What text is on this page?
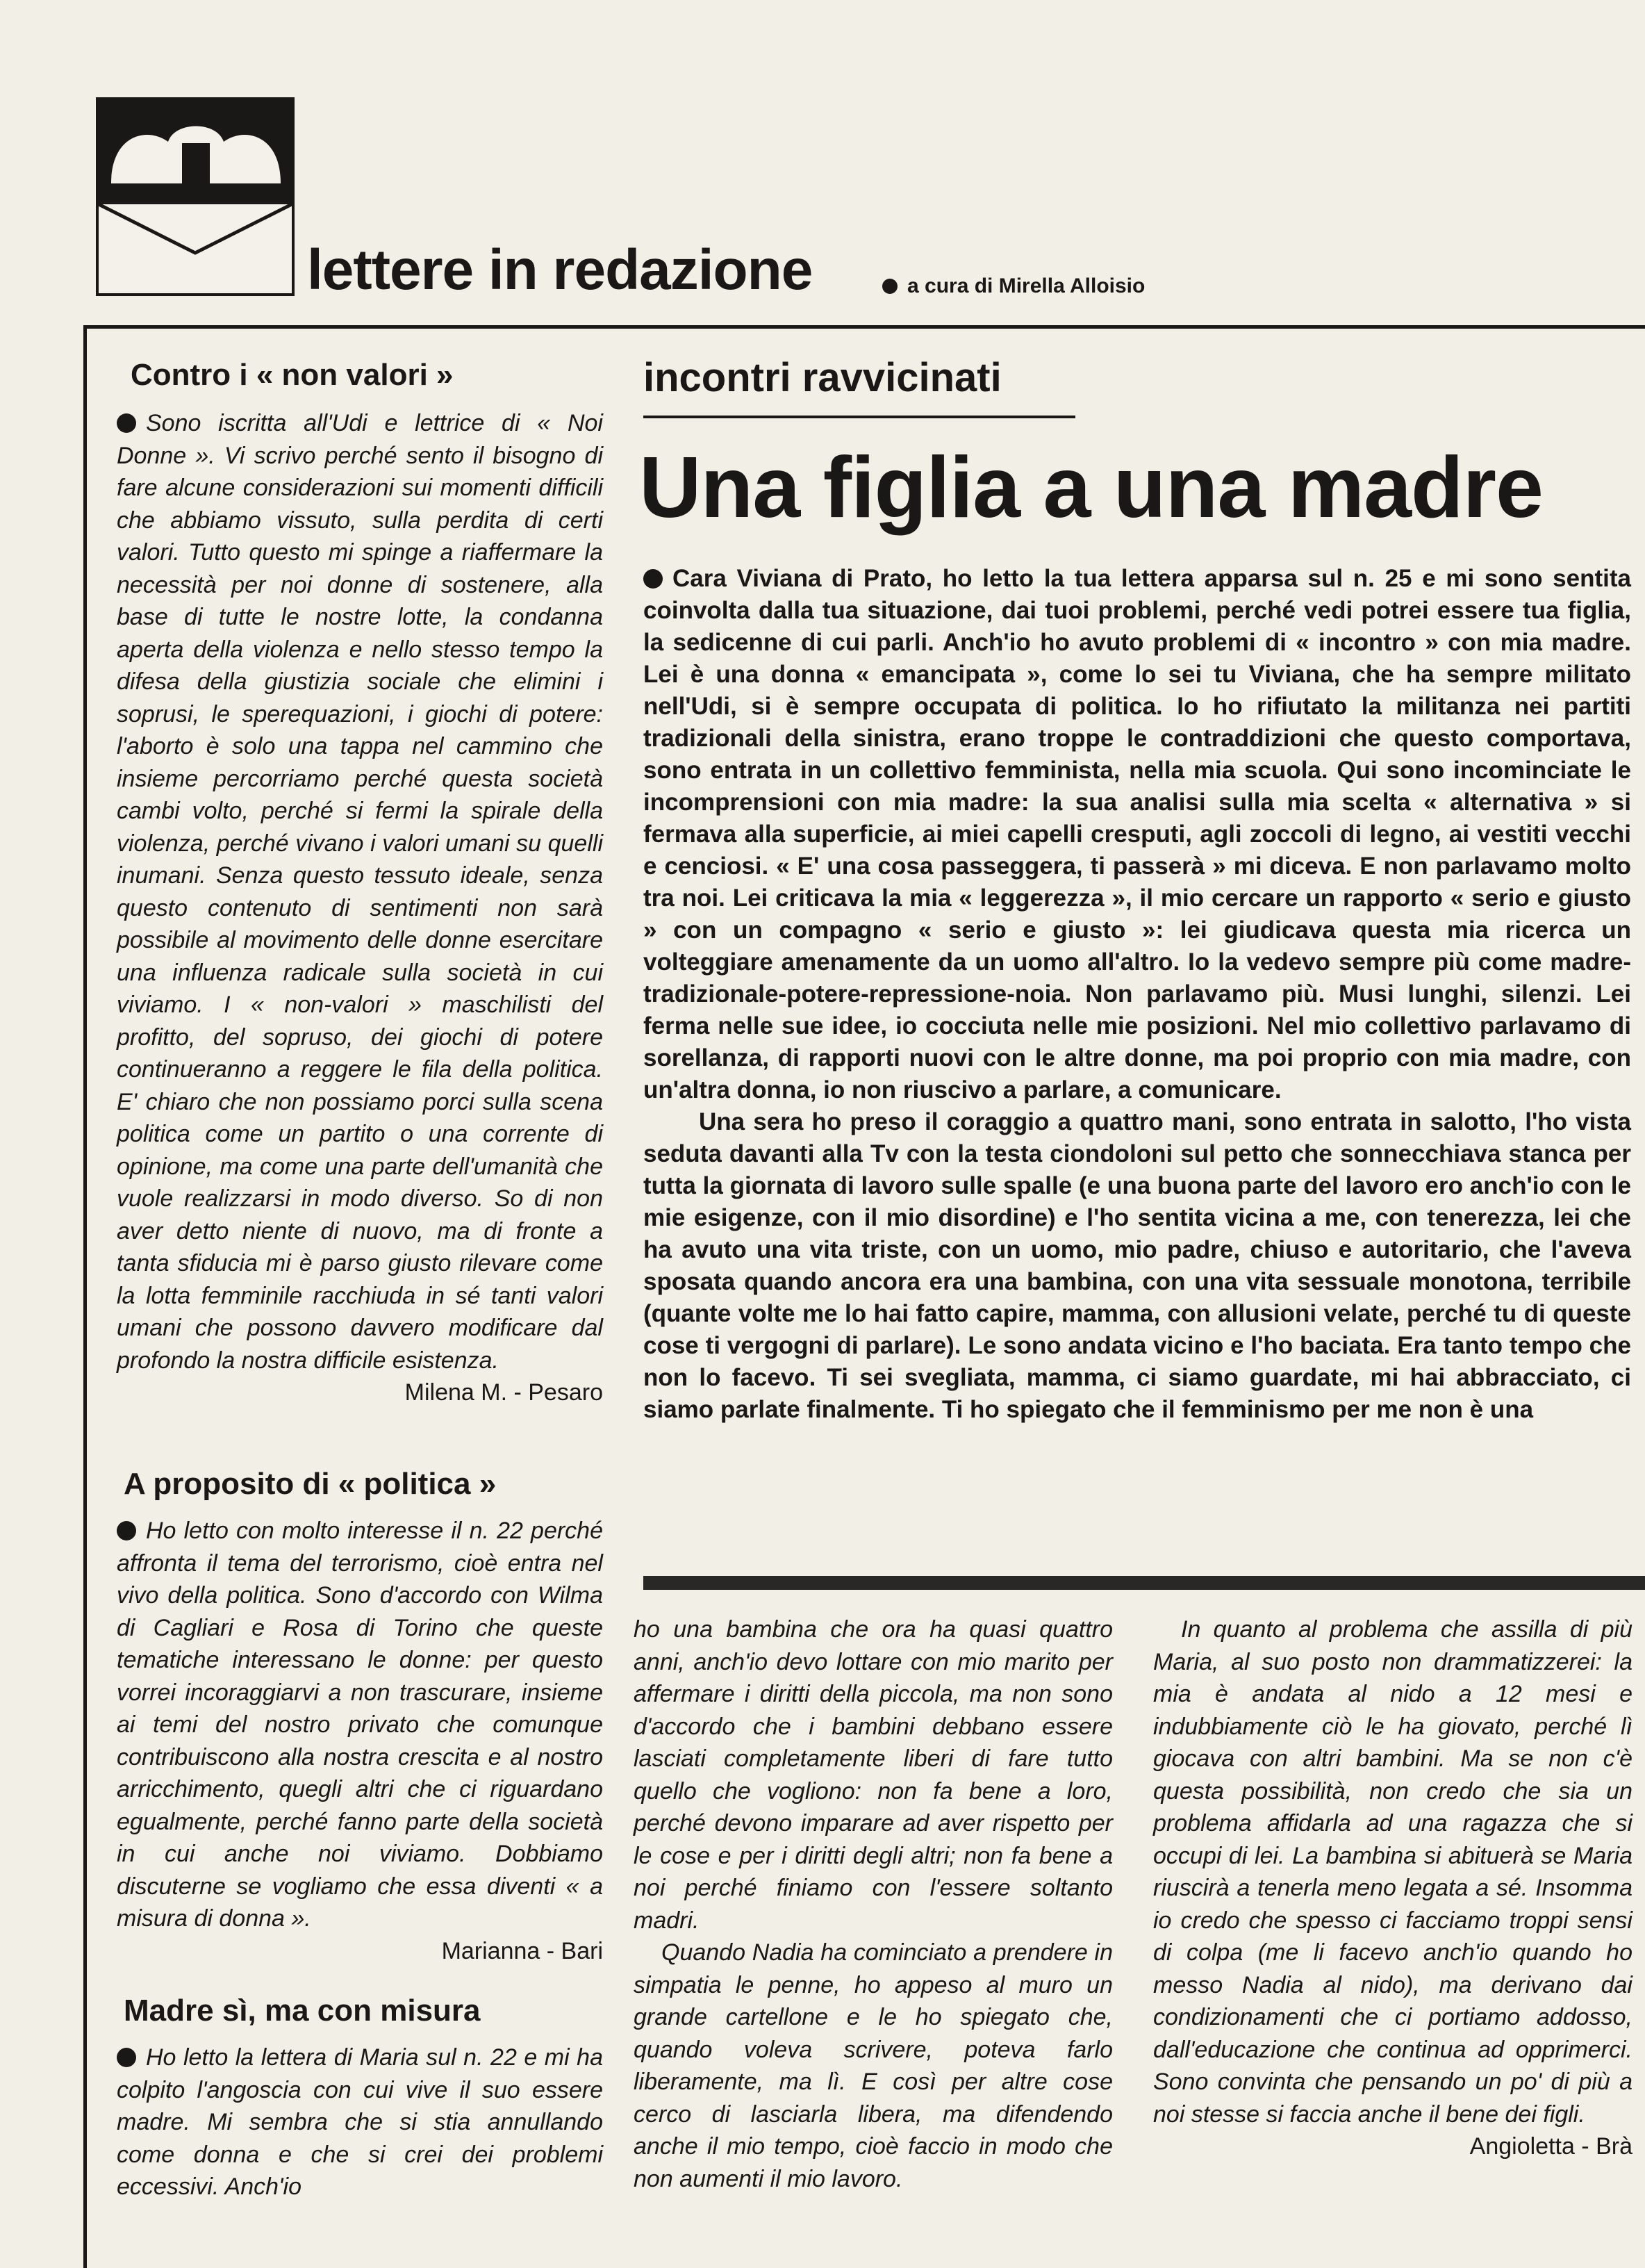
lettere in redazione	a cura di Mirella Alloisio
Contro i « non valori »

Sono iscritta all'Udi e lettrice di « Noi Donne ». Vi scrivo perché sento il bisogno di fare alcune considerazioni sui momenti difficili che abbiamo vissuto, sulla perdita di certi valori. Tutto questo mi spinge a riaffermare la necessità per noi donne di sostenere, alla base di tutte le nostre lotte, la condanna aperta della violenza e nello stesso tempo la difesa della giustizia sociale che elimini i soprusi, le sperequazioni, i giochi di potere: l'aborto è solo una tappa nel cammino che insieme percorriamo perché questa società cambi volto, perché si fermi la spirale della violenza, perché vivano i valori umani su quelli inumani. Senza questo tessuto ideale, senza questo contenuto di sentimenti non sarà possibile al movimento delle donne esercitare una influenza radicale sulla società in cui viviamo. I « non-valori » maschilisti del profitto, del sopruso, dei giochi di potere continueranno a reggere le fila della politica. E' chiaro che non possiamo porci sulla scena politica come un partito o una corrente di opinione, ma come una parte dell'umanità che vuole realizzarsi in modo diverso. So di non aver detto niente di nuovo, ma di fronte a tanta sfiducia mi è parso giusto rilevare come la lotta femminile racchiuda in sé tanti valori umani che possono davvero modificare dal profondo la nostra difficile esistenza.

Milena M. - Pesaro

A proposito di « politica »

Ho letto con molto interesse il n. 22 perché affronta il tema del terrorismo, cioè entra nel vivo della politica. Sono d'accordo con Wilma di Cagliari e Rosa di Torino che queste tematiche interessano le donne: per questo vorrei incoraggiarvi a non trascurare, insieme ai temi del nostro privato che comunque contribuiscono alla nostra crescita e al nostro arricchimento, quegli altri che ci riguardano egualmente, perché fanno parte della società in cui anche noi viviamo. Dobbiamo discuterne se vogliamo che essa diventi « a misura di donna ».

Marianna - Bari

Madre sì, ma con misura

Ho letto la lettera di Maria sul n. 22 e mi ha colpito l'angoscia con cui vive il suo essere madre. Mi sembra che si stia annullando come donna e che si crei dei problemi eccessivi. Anch'io

incontri ravvicinati
Una figlia a una madre

Cara Viviana di Prato, ho letto la tua lettera apparsa sul n. 25 e mi sono sentita coinvolta dalla tua situazione, dai tuoi problemi, perché vedi potrei essere tua figlia, la sedicenne di cui parli. Anch'io ho avuto problemi di « incontro » con mia madre. Lei è una donna « emancipata », come lo sei tu Viviana, che ha sempre militato nell'Udi, si è sempre occupata di politica. Io ho rifiutato la militanza nei partiti tradizionali della sinistra, erano troppe le contraddizioni che questo comportava, sono entrata in un collettivo femminista, nella mia scuola. Qui sono incominciate le incomprensioni con mia madre: la sua analisi sulla mia scelta « alternativa » si fermava alla superficie, ai miei capelli cresputi, agli zoccoli di legno, ai vestiti vecchi e cenciosi. « E' una cosa passeggera, ti passerà » mi diceva. E non parlavamo molto tra noi. Lei criticava la mia « leggerezza », il mio cercare un rapporto « serio e giusto » con un compagno « serio e giusto »: lei giudicava questa mia ricerca un volteggiare amenamente da un uomo all'altro. Io la vedevo sempre più come madre-tradizionale-potere-repressione-noia. Non parlavamo più. Musi lunghi, silenzi. Lei ferma nelle sue idee, io cocciuta nelle mie posizioni. Nel mio collettivo parlavamo di sorellanza, di rapporti nuovi con le altre donne, ma poi proprio con mia madre, con un'altra donna, io non riuscivo a parlare, a comunicare.

Una sera ho preso il coraggio a quattro mani, sono entrata in salotto, l'ho vista seduta davanti alla Tv con la testa ciondoloni sul petto che sonnecchiava stanca per tutta la giornata di lavoro sulle spalle (e una buona parte del lavoro ero anch'io con le mie esigenze, con il mio disordine) e l'ho sentita vicina a me, con tenerezza, lei che ha avuto una vita triste, con un uomo, mio padre, chiuso e autoritario, che l'aveva sposata quando ancora era una bambina, con una vita sessuale monotona, terribile (quante volte me lo hai fatto capire, mamma, con allusioni velate, perché tu di queste cose ti vergogni di parlare). Le sono andata vicino e l'ho baciata. Era tanto tempo che non lo facevo. Ti sei svegliata, mamma, ci siamo guardate, mi hai abbracciato, ci siamo parlate finalmente. Ti ho spiegato che il femminismo per me non è una

ho una bambina che ora ha quasi quattro anni, anch'io devo lottare con mio marito per affermare i diritti della piccola, ma non sono d'accordo che i bambini debbano essere lasciati completamente liberi di fare tutto quello che vogliono: non fa bene a loro, perché devono imparare ad aver rispetto per le cose e per i diritti degli altri; non fa bene a noi perché finiamo con l'essere soltanto madri.

Quando Nadia ha cominciato a prendere in simpatia le penne, ho appeso al muro un grande cartellone e le ho spiegato che, quando voleva scrivere, poteva farlo liberamente, ma lì. E così per altre cose cerco di lasciarla libera, ma difendendo anche il mio tempo, cioè faccio in modo che non aumenti il mio lavoro.

In quanto al problema che assilla di più Maria, al suo posto non drammatizzerei: la mia è andata al nido a 12 mesi e indubbiamente ciò le ha giovato, perché lì giocava con altri bambini. Ma se non c'è questa possibilità, non credo che sia un problema affidarla ad una ragazza che si occupi di lei. La bambina si abituerà se Maria riuscirà a tenerla meno legata a sé. Insomma io credo che spesso ci facciamo troppi sensi di colpa (me li facevo anch'io quando ho messo Nadia al nido), ma derivano dai condizionamenti che ci portiamo addosso, dall'educazione che continua ad opprimerci. Sono convinta che pensando un po' di più a noi stesse si faccia anche il bene dei figli.

Angioletta - Brà
